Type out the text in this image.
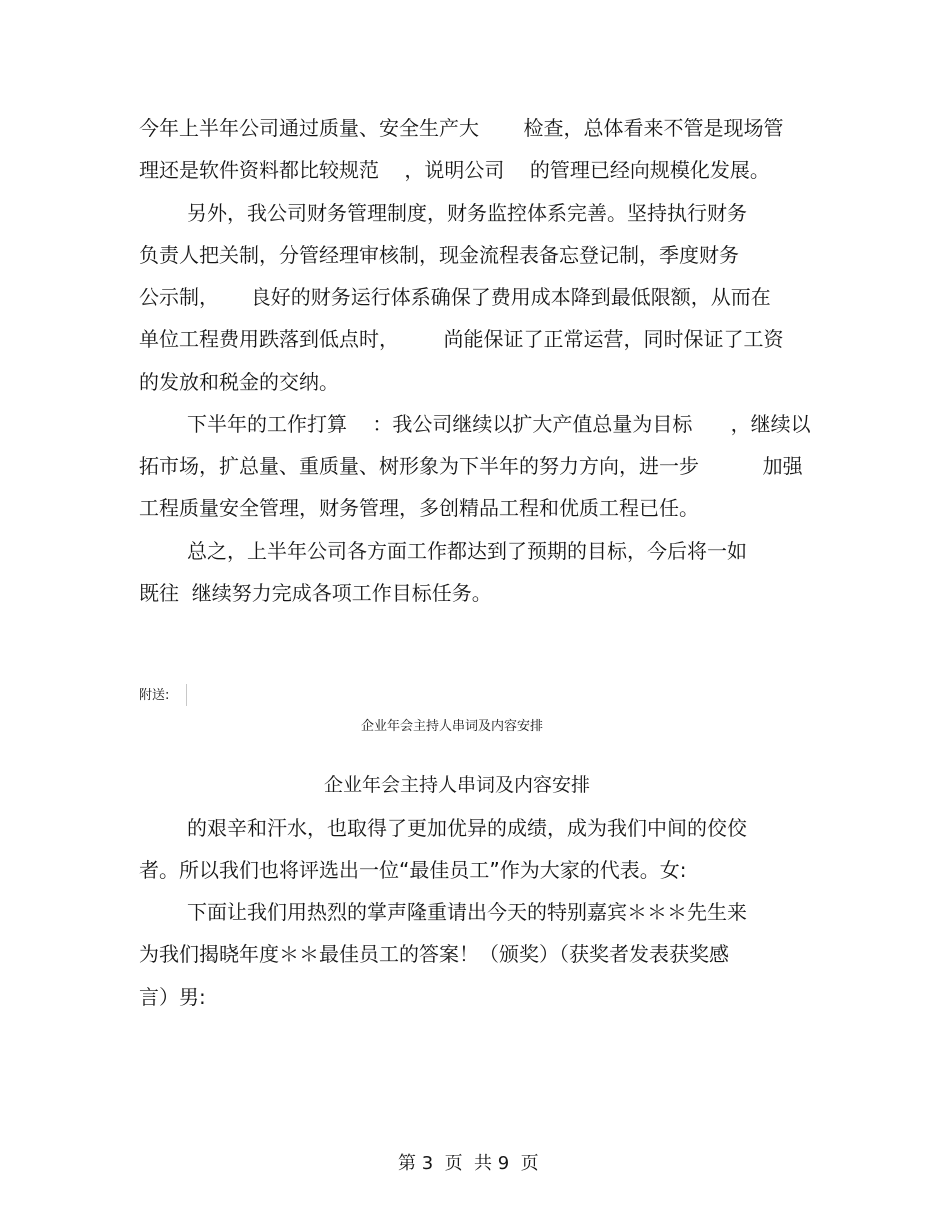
今年上半年公司通过质量、安全生产大       检查，总体看来不管是现场管
理还是软件资料都比较规范    ，说明公司    的管理已经向规模化发展。
另外，我公司财务管理制度，财务监控体系完善。坚持执行财务
负责人把关制，分管经理审核制，现金流程表备忘登记制，季度财务
公示制，     良好的财务运行体系确保了费用成本降到最低限额，从而在
单位工程费用跌落到低点时，       尚能保证了正常运营，同时保证了工资
的发放和税金的交纳。
下半年的工作打算    ：我公司继续以扩大产值总量为目标      ，继续以
拓市场，扩总量、重质量、树形象为下半年的努力方向，进一步          加强
工程质量安全管理，财务管理，多创精品工程和优质工程已任。
总之，上半年公司各方面工作都达到了预期的目标，今后将一如
既往  继续努力完成各项工作目标任务。
附送:
企业年会主持人串词及内容安排
企业年会主持人串词及内容安排
的艰辛和汗水，也取得了更加优异的成绩，成为我们中间的佼佼
者。所以我们也将评选出一位“最佳员工”作为大家的代表。女:
下面让我们用热烈的掌声隆重请出今天的特别嘉宾＊＊＊先生来
为我们揭晓年度＊＊最佳员工的答案！（颁奖）（获奖者发表获奖感
言）男:
第 3  页  共 9  页
